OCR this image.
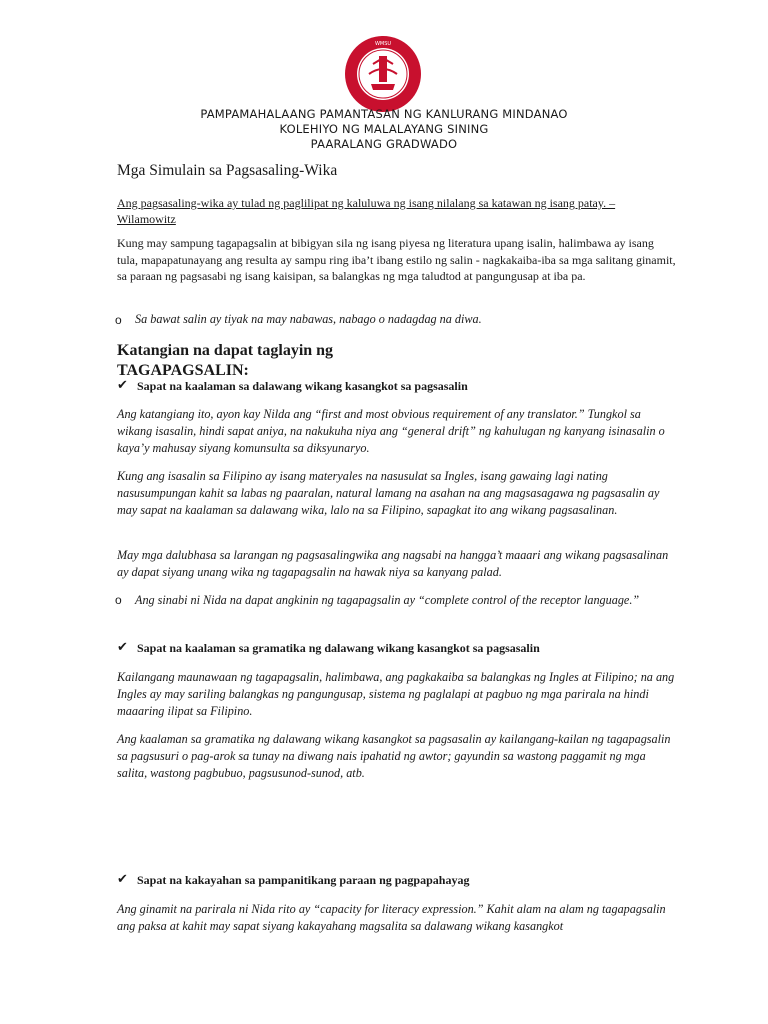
WMSU
PAMPAMAHALAANG PAMANTASAN NG KANLURANG MINDANAO
KOLEHIYO NG MALALAYANG SINING
PAARALANG GRADWADO
Mga Simulain sa Pagsasaling-Wika
Ang pagsasaling-wika ay tulad ng paglilipat ng kaluluwa ng isang nilalang sa katawan ng isang patay. – Wilamowitz
Kung may sampung tagapagsalin at bibigyan sila ng isang piyesa ng literatura upang isalin, halimbawa ay isang tula, mapapatunayang ang resulta ay sampu ring iba’t ibang estilo ng salin - nagkakaiba-iba sa mga salitang ginamit, sa paraan ng pagsasabi ng isang kaisipan, sa balangkas ng mga taludtod at pangungusap at iba pa.
o Sa bawat salin ay tiyak na may nabawas, nabago o nadagdag na diwa.
Katangian na dapat taglayin ng TAGAPAGSALIN:
✔ Sapat na kaalaman sa dalawang wikang kasangkot sa pagsasalin
Ang katangiang ito, ayon kay Nilda ang “first and most obvious requirement of any translator.” Tungkol sa wikang isasalin, hindi sapat aniya, na nakukuha niya ang “general drift” ng kahulugan ng kanyang isinasalin o kaya’y mahusay siyang komunsulta sa diksyunaryo.
Kung ang isasalin sa Filipino ay isang materyales na nasusulat sa Ingles, isang gawaing lagi nating nasusumpungan kahit sa labas ng paaralan, natural lamang na asahan na ang magsasagawa ng pagsasalin ay may sapat na kaalaman sa dalawang wika, lalo na sa Filipino, sapagkat ito ang wikang pagsasalinan.
May mga dalubhasa sa larangan ng pagsasalingwika ang nagsabi na hangga’t maaari ang wikang pagsasalinan ay dapat siyang unang wika ng tagapagsalin na hawak niya sa kanyang palad.
o Ang sinabi ni Nida na dapat angkinin ng tagapagsalin ay “complete control of the receptor language.”
✔ Sapat na kaalaman sa gramatika ng dalawang wikang kasangkot sa pagsasalin
Kailangang maunawaan ng tagapagsalin, halimbawa, ang pagkakaiba sa balangkas ng Ingles at Filipino; na ang Ingles ay may sariling balangkas ng pangungusap, sistema ng paglalapi at pagbuo ng mga parirala na hindi maaaring ilipat sa Filipino.
Ang kaalaman sa gramatika ng dalawang wikang kasangkot sa pagsasalin ay kailangang-kailan ng tagapagsalin sa pagsusuri o pag-arok sa tunay na diwang nais ipahatid ng awtor; gayundin sa wastong paggamit ng mga salita, wastong pagbubuo, pagsusunod-sunod, atb.
✔ Sapat na kakayahan sa pampanitikang paraan ng pagpapahayag
Ang ginamit na parirala ni Nida rito ay “capacity for literacy expression.” Kahit alam na alam ng tagapagsalin ang paksa at kahit may sapat siyang kakayahang magsalita sa dalawang wikang kasangkot
